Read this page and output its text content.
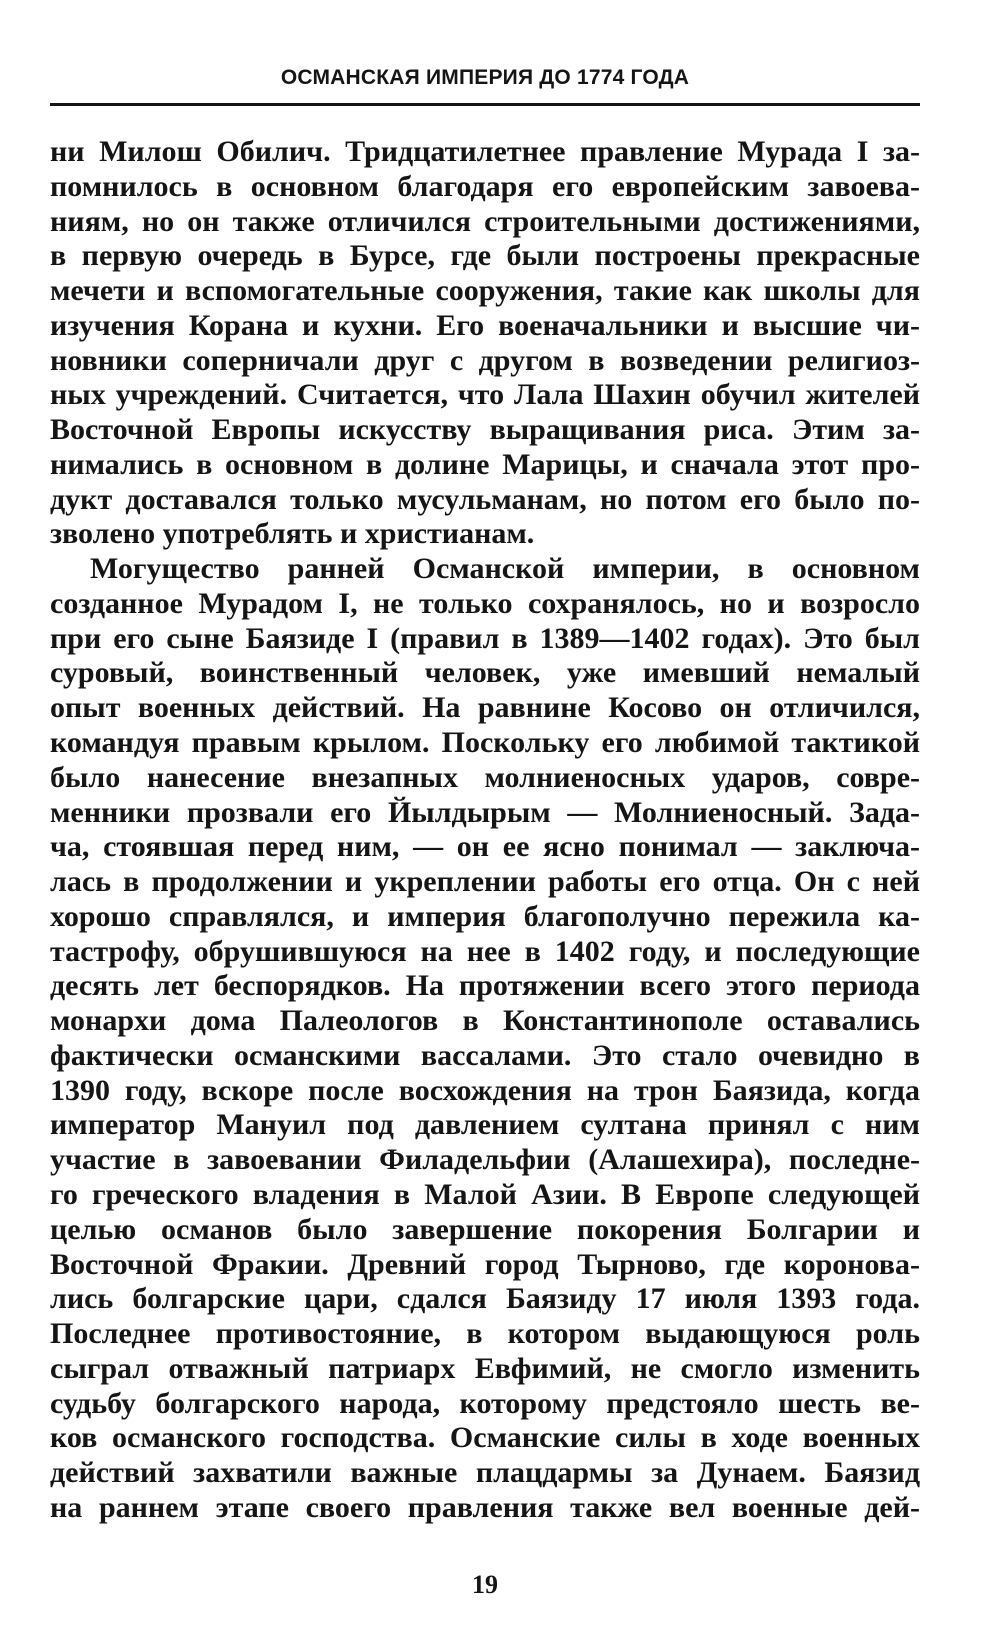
ОСМАНСКАЯ ИМПЕРИЯ ДО 1774 ГОДА
ни Милош Обилич. Тридцатилетнее правление Мурада I за-
помнилось в основном благодаря его европейским завоева-
ниям, но он также отличился строительными достижениями,
в первую очередь в Бурсе, где были построены прекрасные
мечети и вспомогательные сооружения, такие как школы для
изучения Корана и кухни. Его военачальники и высшие чи-
новники соперничали друг с другом в возведении религиоз-
ных учреждений. Считается, что Лала Шахин обучил жителей
Восточной Европы искусству выращивания риса. Этим за-
нимались в основном в долине Марицы, и сначала этот про-
дукт доставался только мусульманам, но потом его было по-
зволено употреблять и христианам.
Могущество ранней Османской империи, в основном
созданное Мурадом I, не только сохранялось, но и возросло
при его сыне Баязиде I (правил в 1389—1402 годах). Это был
суровый, воинственный человек, уже имевший немалый
опыт военных действий. На равнине Косово он отличился,
командуя правым крылом. Поскольку его любимой тактикой
было нанесение внезапных молниеносных ударов, совре-
менники прозвали его Йылдырым — Молниеносный. Зада-
ча, стоявшая перед ним, — он ее ясно понимал — заключа-
лась в продолжении и укреплении работы его отца. Он с ней
хорошо справлялся, и империя благополучно пережила ка-
тастрофу, обрушившуюся на нее в 1402 году, и последующие
десять лет беспорядков. На протяжении всего этого периода
монархи дома Палеологов в Константинополе оставались
фактически османскими вассалами. Это стало очевидно в
1390 году, вскоре после восхождения на трон Баязида, когда
император Мануил под давлением султана принял с ним
участие в завоевании Филадельфии (Алашехира), последне-
го греческого владения в Малой Азии. В Европе следующей
целью османов было завершение покорения Болгарии и
Восточной Фракии. Древний город Тырново, где коронова-
лись болгарские цари, сдался Баязиду 17 июля 1393 года.
Последнее противостояние, в котором выдающуюся роль
сыграл отважный патриарх Евфимий, не смогло изменить
судьбу болгарского народа, которому предстояло шесть ве-
ков османского господства. Османские силы в ходе военных
действий захватили важные плацдармы за Дунаем. Баязид
на раннем этапе своего правления также вел военные дей-
19
